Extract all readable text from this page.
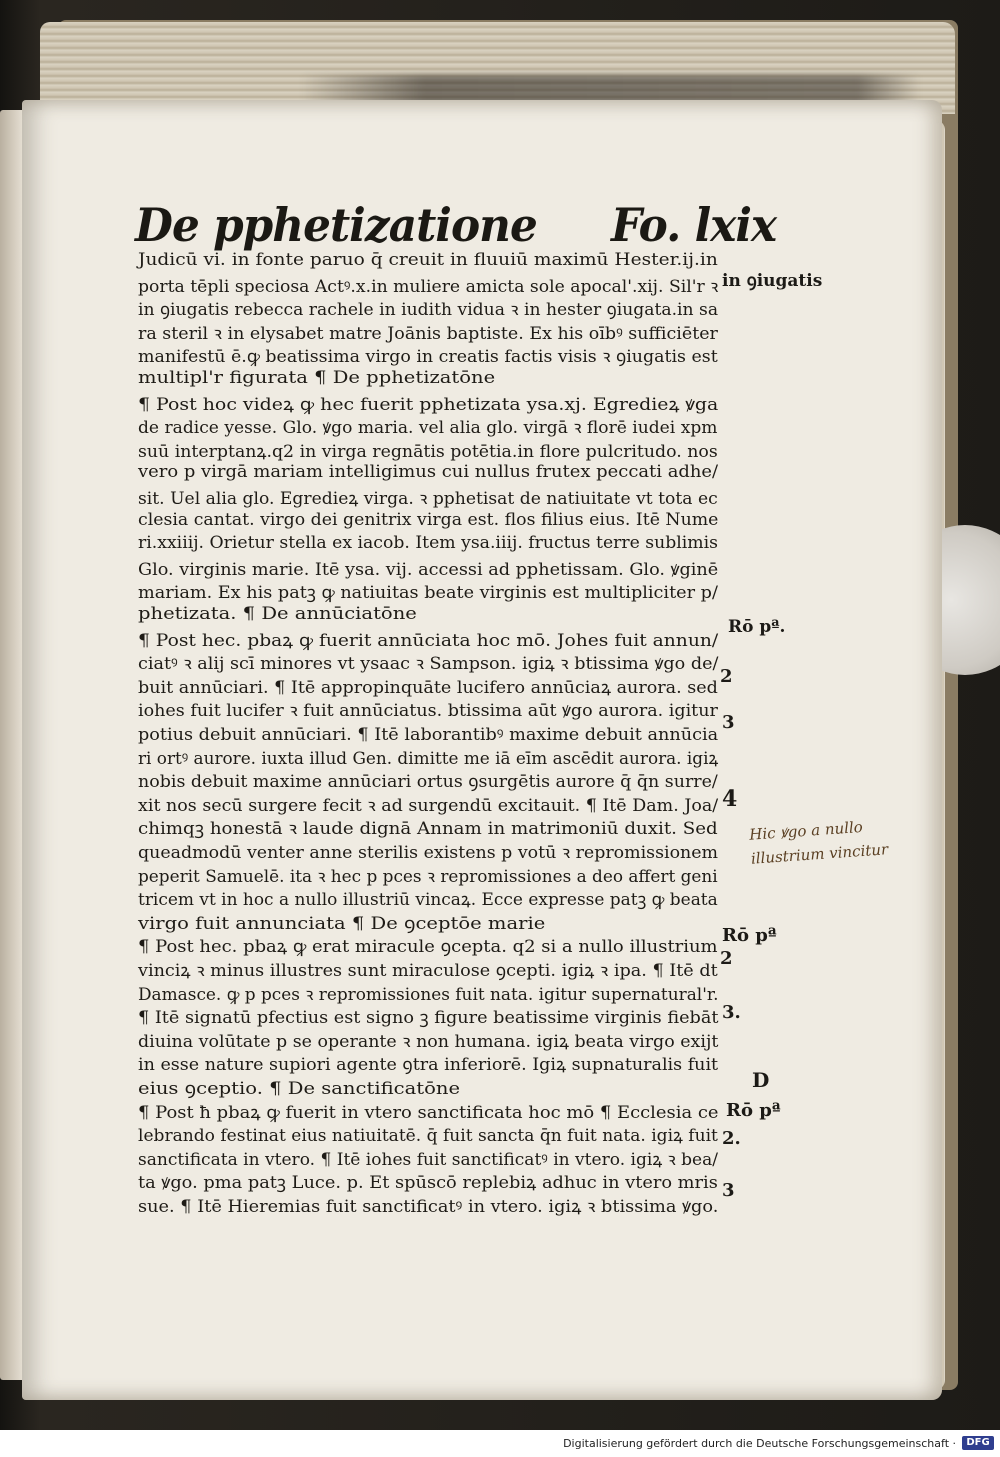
De pphetizatione Fo. lxix
Judicū vi. in fonte paruo q̄ creuit in fluuiū maximū Hester.ij.in
porta tēpli speciosa Actꝰ.x.in muliere amicta sole apocal'.xij. Sil'r ꝛ
in ꝯiugatis rebecca rachele in iudith vidua ꝛ in hester ꝯiugata.in sa
ra steril ꝛ in elysabet matre Joānis baptiste. Ex his oībꝰ sufficiēter
manifestū ē.ꝙ beatissima virgo in creatis factis visis ꝛ ꝯiugatis est
multipl'r figurata ¶ De pphetizatōne
¶ Post hoc videꝝ ꝙ hec fuerit pphetizata ysa.xj. Egredieꝝ ꝟga
de radice yesse. Glo. ꝟgo maria. vel alia glo. virgā ꝛ florē iudei xpm
suū interptanꝝ.q2 in virga regnātis potētia.in flore pulcritudo. nos
vero p virgā mariam intelligimus cui nullus frutex peccati adhe/
sit. Uel alia glo. Egredieꝝ virga. ꝛ pphetisat de natiuitate vt tota ec
clesia cantat. virgo dei genitrix virga est. flos filius eius. Itē Nume
ri.xxiiij. Orietur stella ex iacob. Item ysa.iiij. fructus terre sublimis
Glo. virginis marie. Itē ysa. vij. accessi ad pphetissam. Glo. ꝟginē
mariam. Ex his patꝫ ꝙ natiuitas beate virginis est multipliciter p/
phetizata. ¶ De annūciatōne
¶ Post hec. pbaꝝ ꝙ fuerit annūciata hoc mō. Johes fuit annun/
ciatꝰ ꝛ alij scī minores vt ysaac ꝛ Sampson. igiꝝ ꝛ btissima ꝟgo de/
buit annūciari. ¶ Itē appropinquāte lucifero annūciaꝝ aurora. sed
iohes fuit lucifer ꝛ fuit annūciatus. btissima aūt ꝟgo aurora. igitur
potius debuit annūciari. ¶ Itē laborantibꝰ maxime debuit annūcia
ri ortꝰ aurore. iuxta illud Gen. dimitte me iā eīm ascēdit aurora. igiꝝ
nobis debuit maxime annūciari ortus ꝯsurgētis aurore q̄ q̄n surre/
xit nos secū surgere fecit ꝛ ad surgendū excitauit. ¶ Itē Dam. Joa/
chimqꝫ honestā ꝛ laude dignā Annam in matrimoniū duxit. Sed
queadmodū venter anne sterilis existens p votū ꝛ repromissionem
peperit Samuelē. ita ꝛ hec p pces ꝛ repromissiones a deo affert geni
tricem vt in hoc a nullo illustriū vincaꝝ. Ecce expresse patꝫ ꝙ beata
virgo fuit annunciata ¶ De ꝯceptōe marie
¶ Post hec. pbaꝝ ꝙ erat miracule ꝯcepta. q2 si a nullo illustrium
vinciꝝ ꝛ minus illustres sunt miraculose ꝯcepti. igiꝝ ꝛ ipa. ¶ Itē dt
Damasce. ꝙ p pces ꝛ repromissiones fuit nata. igitur supernatural'r.
¶ Itē signatū pfectius est signo ꝫ figure beatissime virginis fiebāt
diuina volūtate p se operante ꝛ non humana. igiꝝ beata virgo exijt
in esse nature supiori agente ꝯtra inferiorē. Igiꝝ supnaturalis fuit
eius ꝯceptio. ¶ De sanctificatōne
¶ Post ħ pbaꝝ ꝙ fuerit in vtero sanctificata hoc mō ¶ Ecclesia ce
lebrando festinat eius natiuitatē. q̄ fuit sancta q̄n fuit nata. igiꝝ fuit
sanctificata in vtero. ¶ Itē iohes fuit sanctificatꝰ in vtero. igiꝝ ꝛ bea/
ta ꝟgo. pma patꝫ Luce. p. Et spūscō replebiꝝ adhuc in vtero mris
sue. ¶ Itē Hieremias fuit sanctificatꝰ in vtero. igiꝝ ꝛ btissima ꝟgo.
in ꝯiugatis
Rō pª.
2
3
4
Rō pª
2
3.
D
Rō pª
2.
3
Hic ꝟgo a nullo
illustrium vincitur
Digitalisierung gefördert durch die Deutsche Forschungsgemeinschaft ·	DFG
